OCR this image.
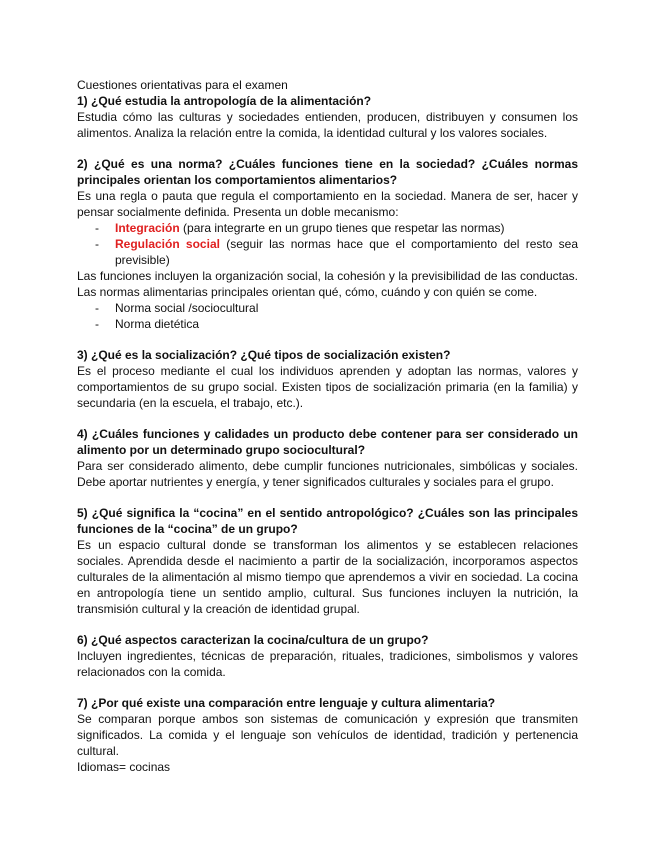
Cuestiones orientativas para el examen

1) ¿Qué estudia la antropología de la alimentación?

Estudia cómo las culturas y sociedades entienden, producen, distribuyen y consumen los alimentos. Analiza la relación entre la comida, la identidad cultural y los valores sociales.

2) ¿Qué es una norma? ¿Cuáles funciones tiene en la sociedad? ¿Cuáles normas principales orientan los comportamientos alimentarios?

Es una regla o pauta que regula el comportamiento en la sociedad. Manera de ser, hacer y pensar socialmente definida. Presenta un doble mecanismo:

- Integración (para integrarte en un grupo tienes que respetar las normas)
- Regulación social (seguir las normas hace que el comportamiento del resto sea previsible)

Las funciones incluyen la organización social, la cohesión y la previsibilidad de las conductas. Las normas alimentarias principales orientan qué, cómo, cuándo y con quién se come.

- Norma social /sociocultural
- Norma dietética

3) ¿Qué es la socialización? ¿Qué tipos de socialización existen?

Es el proceso mediante el cual los individuos aprenden y adoptan las normas, valores y comportamientos de su grupo social. Existen tipos de socialización primaria (en la familia) y secundaria (en la escuela, el trabajo, etc.).

4) ¿Cuáles funciones y calidades un producto debe contener para ser considerado un alimento por un determinado grupo sociocultural?

Para ser considerado alimento, debe cumplir funciones nutricionales, simbólicas y sociales. Debe aportar nutrientes y energía, y tener significados culturales y sociales para el grupo.

5) ¿Qué significa la “cocina” en el sentido antropológico? ¿Cuáles son las principales funciones de la “cocina” de un grupo?

Es un espacio cultural donde se transforman los alimentos y se establecen relaciones sociales. Aprendida desde el nacimiento a partir de la socialización, incorporamos aspectos culturales de la alimentación al mismo tiempo que aprendemos a vivir en sociedad. La cocina en antropología tiene un sentido amplio, cultural. Sus funciones incluyen la nutrición, la transmisión cultural y la creación de identidad grupal.

6) ¿Qué aspectos caracterizan la cocina/cultura de un grupo?

Incluyen ingredientes, técnicas de preparación, rituales, tradiciones, simbolismos y valores relacionados con la comida.

7) ¿Por qué existe una comparación entre lenguaje y cultura alimentaria?

Se comparan porque ambos son sistemas de comunicación y expresión que transmiten significados. La comida y el lenguaje son vehículos de identidad, tradición y pertenencia cultural.

Idiomas= cocinas
